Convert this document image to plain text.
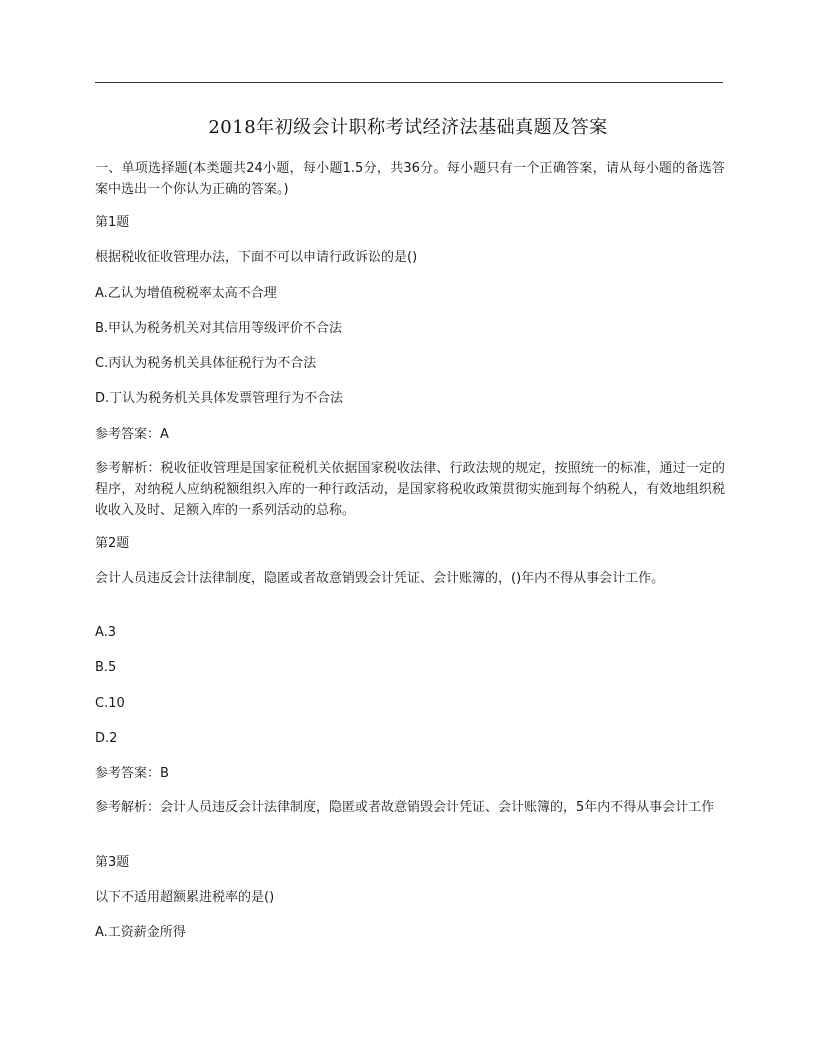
2018年初级会计职称考试经济法基础真题及答案
一、单项选择题(本类题共24小题，每小题1.5分，共36分。每小题只有一个正确答案，请从每小题的备选答案中选出一个你认为正确的答案。)
第1题
根据税收征收管理办法，下面不可以申请行政诉讼的是()
A.乙认为增值税税率太高不合理
B.甲认为税务机关对其信用等级评价不合法
C.丙认为税务机关具体征税行为不合法
D.丁认为税务机关具体发票管理行为不合法
参考答案：A
参考解析：税收征收管理是国家征税机关依据国家税收法律、行政法规的规定，按照统一的标准，通过一定的程序，对纳税人应纳税额组织入库的一种行政活动，是国家将税收政策贯彻实施到每个纳税人，有效地组织税收收入及时、足额入库的一系列活动的总称。
第2题
会计人员违反会计法律制度，隐匿或者故意销毁会计凭证、会计账簿的，()年内不得从事会计工作。
A.3
B.5
C.10
D.2
参考答案：B
参考解析：会计人员违反会计法律制度，隐匿或者故意销毁会计凭证、会计账簿的，5年内不得从事会计工作
第3题
以下不适用超额累进税率的是()
A.工资薪金所得
